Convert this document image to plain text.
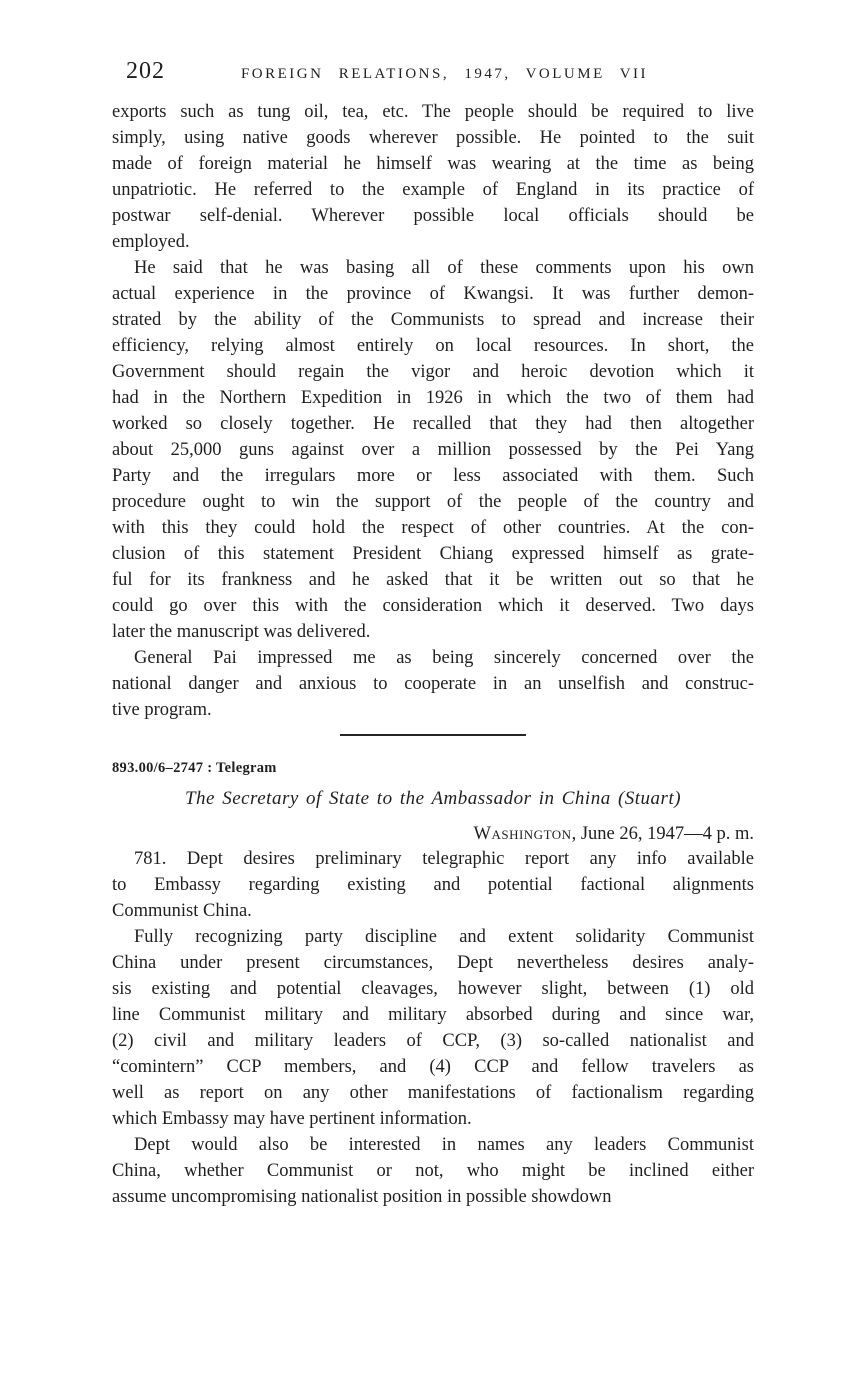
202	FOREIGN RELATIONS, 1947, VOLUME VII
exports such as tung oil, tea, etc. The people should be required to live
simply, using native goods wherever possible. He pointed to the suit
made of foreign material he himself was wearing at the time as being
unpatriotic. He referred to the example of England in its practice of
postwar self-denial. Wherever possible local officials should be
employed.
He said that he was basing all of these comments upon his own
actual experience in the province of Kwangsi. It was further demon-
strated by the ability of the Communists to spread and increase their
efficiency, relying almost entirely on local resources. In short, the
Government should regain the vigor and heroic devotion which it
had in the Northern Expedition in 1926 in which the two of them had
worked so closely together. He recalled that they had then altogether
about 25,000 guns against over a million possessed by the Pei Yang
Party and the irregulars more or less associated with them. Such
procedure ought to win the support of the people of the country and
with this they could hold the respect of other countries. At the con-
clusion of this statement President Chiang expressed himself as grate-
ful for its frankness and he asked that it be written out so that he
could go over this with the consideration which it deserved. Two days
later the manuscript was delivered.
General Pai impressed me as being sincerely concerned over the
national danger and anxious to cooperate in an unselfish and construc-
tive program.
893.00/6–2747 : Telegram
The Secretary of State to the Ambassador in China (Stuart)
Washington, June 26, 1947—4 p. m.
781. Dept desires preliminary telegraphic report any info available
to Embassy regarding existing and potential factional alignments
Communist China.
Fully recognizing party discipline and extent solidarity Communist
China under present circumstances, Dept nevertheless desires analy-
sis existing and potential cleavages, however slight, between (1) old
line Communist military and military absorbed during and since war,
(2) civil and military leaders of CCP, (3) so-called nationalist and
“comintern” CCP members, and (4) CCP and fellow travelers as
well as report on any other manifestations of factionalism regarding
which Embassy may have pertinent information.
Dept would also be interested in names any leaders Communist
China, whether Communist or not, who might be inclined either
assume uncompromising nationalist position in possible showdown
